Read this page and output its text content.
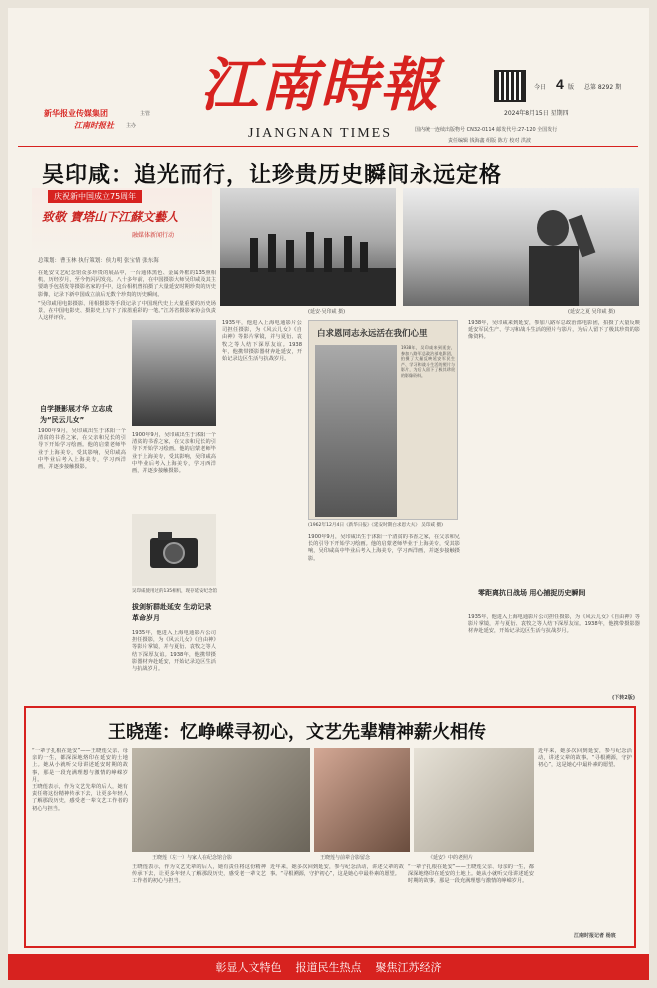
新华报业传媒集团	主管
江南时报社 主办
江南時報
JIANGNAN TIMES
今日 4 版 总第 8292 期
2024年8月15日 星期四
国内统一连续出版物号 CN32-0114 邮发代号:27-120 全国发行
责任编辑 钱海鑫 组版 陈方 校对 洪波
吴印咸：追光而行，让珍贵历史瞬间永远定格
庆祝新中国成立75周年
致敬 寶塔山下江蘇文藝人
融媒体新闻行动
总策划：曹玉林 执行策划：侯力明 张宝情 张东海

在延安文艺纪念馆众多珍贵的展品中，一台通体黑色、金属外框的135照相机，历经岁月，至今仍闪闪发亮。八十多年前，在中国摄影大师吴印咸及其主要助手包括发等摄影名家的手中，这台相机曾拍摄了大量延安时期珍贵的历史影像，记录下新中国成立前后无数个珍贵的历史瞬间。

“吴印咸用电影摄影、用相摄影等手段记录了中国现代史上大量重要的历史场景，在中国电影史、摄影史上写下了浓墨重彩的一笔。”江苏省摄影家协会负责人这样评价。

(延安·吴印咸 摄)	(延安之夏 吴印咸 摄)
白求恩同志永远活在我们心里
1938年，吴印咸来到延安，参加八路军总政治部电影团，拍摄了大量反映延安军民生产、学习和战斗生活的照片与影片，为后人留下了极其珍贵的影像资料。
(1962年12月4日《新华日报》《延安时期白求恩大夫》 吴印咸 摄)
1938年，吴印咸来到延安，参加八路军总政治部电影团，拍摄了大量反映延安军民生产、学习和战斗生活的照片与影片，为后人留下了极其珍贵的影像资料。
零距离抗日战场 用心捕捉历史瞬间
1935年，他进入上海电通影片公司担任摄影，为《风云儿女》《自由神》等影片掌镜，并与夏衍、袁牧之等人结下深厚友谊。1938年，他携带摄影器材奔赴延安，开始记录边区生活与抗战岁月。
(下转2版)
自学摄影展才华 立志成为“民云儿女”
1900年9月，吴印咸出生于沭阳一个清贫的书香之家，在父亲和兄长的引导下开始学习绘画。他的启蒙老师毕业于上海美专，受其影响，吴印咸高中毕业后考入上海美专，学习西洋画，并逐步接触摄影。
1935年，他进入上海电通影片公司担任摄影，为《风云儿女》《自由神》等影片掌镜，并与夏衍、袁牧之等人结下深厚友谊。1938年，他携带摄影器材奔赴延安，开始记录边区生活与抗战岁月。
1900年9月，吴印咸出生于沭阳一个清贫的书香之家，在父亲和兄长的引导下开始学习绘画。他的启蒙老师毕业于上海美专，受其影响，吴印咸高中毕业后考入上海美专，学习西洋画，并逐步接触摄影。
吴印咸使用过的135相机，现存延安纪念馆
拔剑斩群赴延安 生动记录革命岁月
1935年，他进入上海电通影片公司担任摄影，为《风云儿女》《自由神》等影片掌镜，并与夏衍、袁牧之等人结下深厚友谊。1938年，他携带摄影器材奔赴延安，开始记录边区生活与抗战岁月。
1900年9月，吴印咸出生于沭阳一个清贫的书香之家，在父亲和兄长的引导下开始学习绘画。他的启蒙老师毕业于上海美专，受其影响，吴印咸高中毕业后考入上海美专，学习西洋画，并逐步接触摄影。
王晓莲：忆峥嵘寻初心，文艺先辈精神薪火相传

“一辈子扎根在延安”——王晓莲父亲、母亲的一生，都深深地烙印在延安的土地上。她从小就听父母讲述延安时期的故事，那是一段充满理想与激情的峥嵘岁月。

王晓莲表示，作为文艺先辈的后人，她有责任将这份精神传承下去，让更多年轻人了解那段历史，感受老一辈文艺工作者的初心与担当。

王晓莲（左一）与家人在纪念馆合影	王晓莲与前辈合影留念	《延安》中的老照片
王晓莲表示，作为文艺先辈的后人，她有责任将这份精神传承下去，让更多年轻人了解那段历史，感受老一辈文艺工作者的初心与担当。
近年来，她多次回到延安，参与纪念活动，讲述父辈的故事。“寻根溯源，守护初心”，这是她心中最朴素的愿望。
“一辈子扎根在延安”——王晓莲父亲、母亲的一生，都深深地烙印在延安的土地上。她从小就听父母讲述延安时期的故事，那是一段充满理想与激情的峥嵘岁月。
近年来，她多次回到延安，参与纪念活动，讲述父辈的故事。“寻根溯源，守护初心”，这是她心中最朴素的愿望。
江南时报记者 杨宸
彰显人文特色    报道民生热点    聚焦江苏经济
